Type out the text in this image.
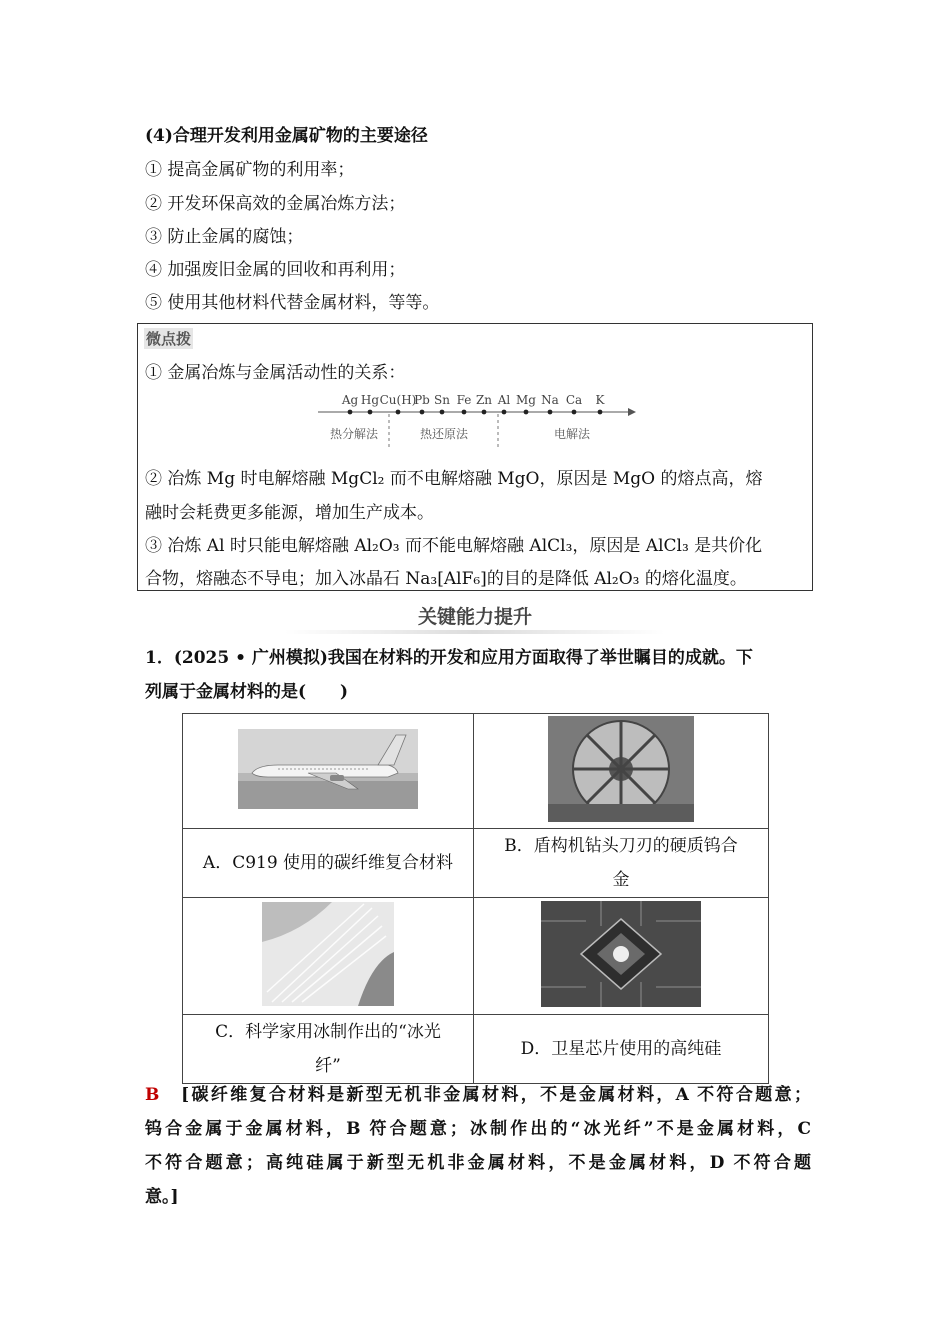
(4)合理开发利用金属矿物的主要途径
① 提高金属矿物的利用率；
② 开发环保高效的金属冶炼方法；
③ 防止金属的腐蚀；
④ 加强废旧金属的回收和再利用；
⑤ 使用其他材料代替金属材料，等等。
微点拨
① 金属冶炼与金属活动性的关系：
Ag Hg Cu(H)
Pb Sn Fe Zn Al Mg Na Ca K
热分解法	热还原法	电解法
② 冶炼 Mg 时电解熔融 MgCl₂ 而不电解熔融 MgO，原因是 MgO 的熔点高，熔
融时会耗费更多能源，增加生产成本。
③ 冶炼 Al 时只能电解熔融 Al₂O₃ 而不能电解熔融 AlCl₃，原因是 AlCl₃ 是共价化
合物，熔融态不导电；加入冰晶石 Na₃[AlF₆]的目的是降低 Al₂O₃ 的熔化温度。
关键能力提升
1．(2025 • 广州模拟)我国在材料的开发和应用方面取得了举世瞩目的成就。下
列属于金属材料的是(　　)

A．C919 使用的碳纤维复合材料	B．盾构机钻头刀刃的硬质钨合
金

C．科学家用冰制作出的“冰光
纤”	D．卫星芯片使用的高纯硅
B　 [碳纤维复合材料是新型无机非金属材料，不是金属材料，A 不符合题意；
钨合金属于金属材料，B 符合题意；冰制作出的“冰光纤”不是金属材料，C
不符合题意；高纯硅属于新型无机非金属材料，不是金属材料，D 不符合题
意。]
